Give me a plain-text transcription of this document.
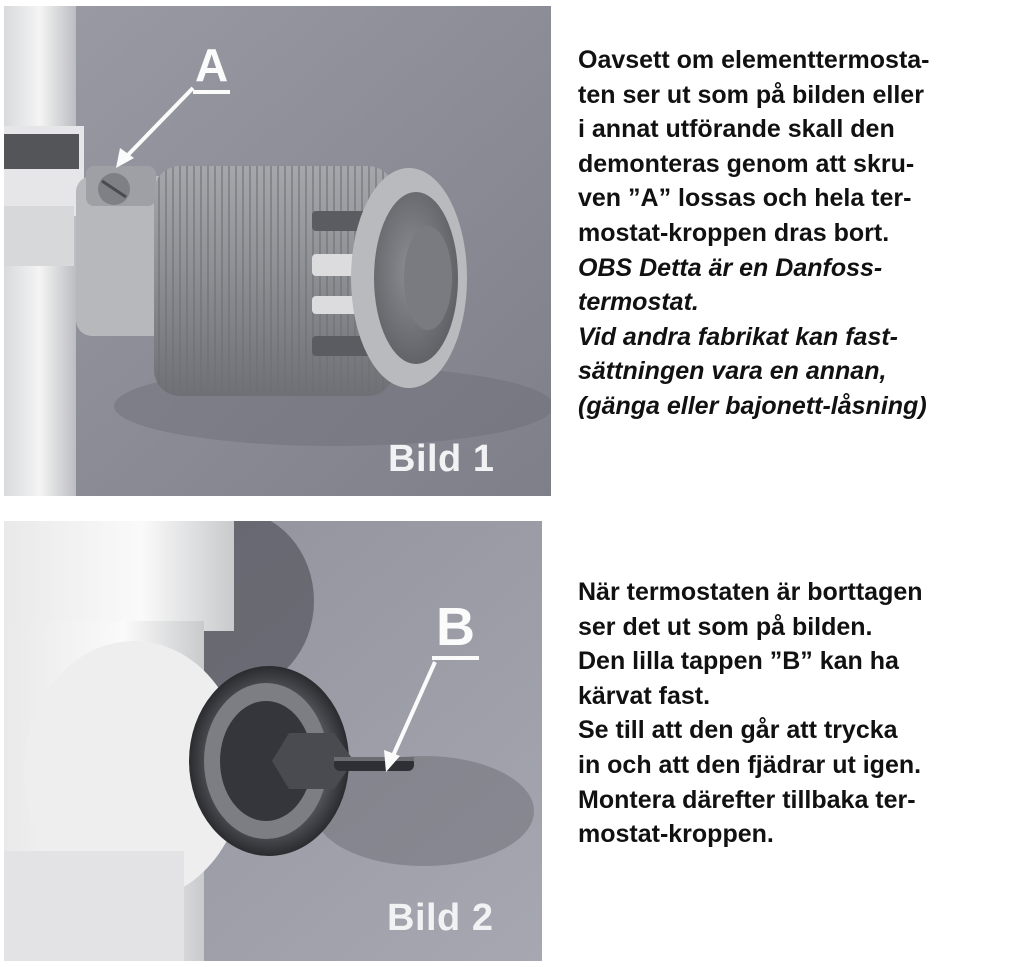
A
Bild 1
Oavsett om elementtermosta-
ten ser ut som på bilden eller
i annat utförande skall den
demonteras genom att skru-
ven ”A” lossas och hela ter-
mostat-kroppen dras bort.
OBS Detta är en Danfoss-
termostat.
Vid andra fabrikat kan fast-
sättningen vara en annan,
(gänga eller bajonett-låsning)
B
Bild 2
När termostaten är borttagen
ser det ut som på bilden.
Den lilla tappen ”B” kan ha
kärvat fast.
Se till att den går att trycka
in och att den fjädrar ut igen.
Montera därefter tillbaka ter-
mostat-kroppen.
